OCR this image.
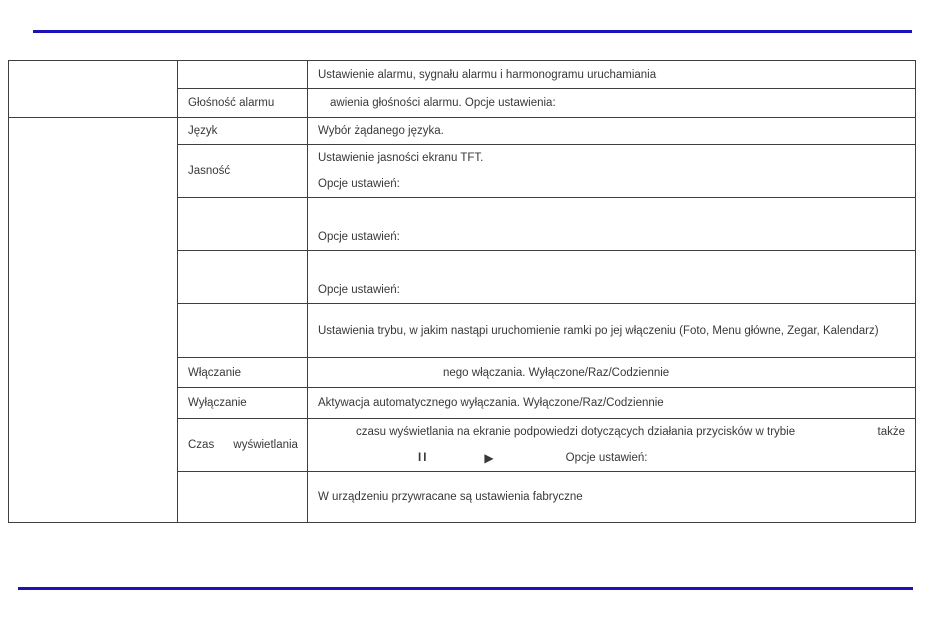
		Ustawienie alarmu, sygnału alarmu i harmonogramu uruchamiania

	Głośność alarmu	awienia głośności alarmu. Opcje ustawienia:

	Język	Wybór żądanego języka.

	Jasność	Ustawienie jasności ekranu TFT.
Opcje ustawień:

		Opcje ustawień:

		Opcje ustawień:

		Ustawienia trybu, w jakim nastąpi uruchomienie ramki po jej włączeniu (Foto, Menu główne, Zegar, Kalendarz)

	Włączanie	nego włączania. Wyłączone/Raz/Codziennie

	Wyłączanie	Aktywacja automatycznego wyłączania. Wyłączone/Raz/Codziennie

	Czas wyświetlania	czasu wyświetlania na ekranie podpowiedzi dotyczących działania przycisków w trybie także
II ▶ Opcje ustawień:

		W urządzeniu przywracane są ustawienia fabryczne
